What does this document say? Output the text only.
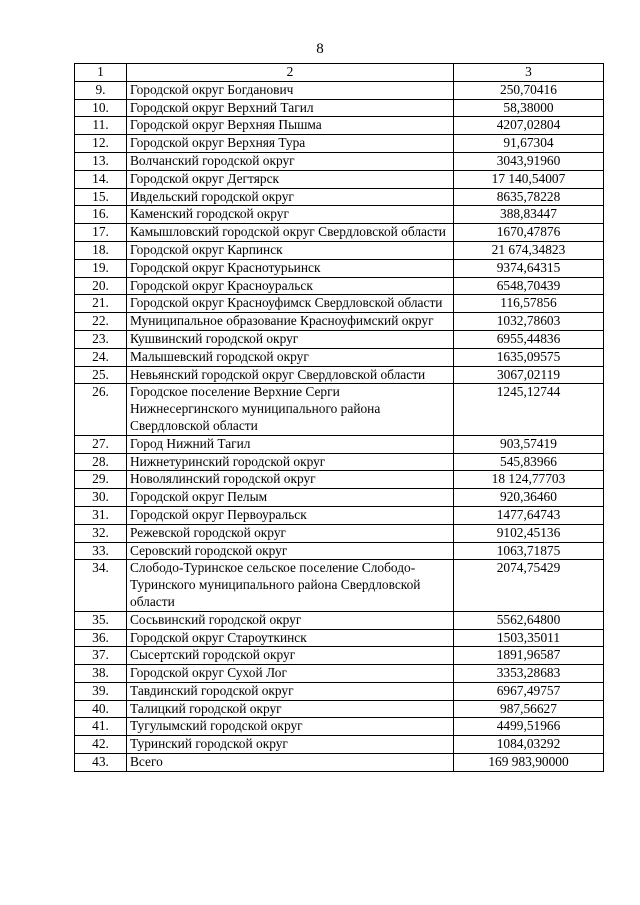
8
1	2	3
9.	Городской округ Богданович	250,70416
10.	Городской округ Верхний Тагил	58,38000
11.	Городской округ Верхняя Пышма	4207,02804
12.	Городской округ Верхняя Тура	91,67304
13.	Волчанский городской округ	3043,91960
14.	Городской округ Дегтярск	17 140,54007
15.	Ивдельский городской округ	8635,78228
16.	Каменский городской округ	388,83447
17.	Камышловский городской округ Свердловской области	1670,47876
18.	Городской округ Карпинск	21 674,34823
19.	Городской округ Краснотурьинск	9374,64315
20.	Городской округ Красноуральск	6548,70439
21.	Городской округ Красноуфимск Свердловской области	116,57856
22.	Муниципальное образование Красноуфимский округ	1032,78603
23.	Кушвинский городской округ	6955,44836
24.	Малышевский городской округ	1635,09575
25.	Невьянский городской округ Свердловской области	3067,02119
26.	Городское поселение Верхние Серги Нижнесергинского муниципального района Свердловской области	1245,12744
27.	Город Нижний Тагил	903,57419
28.	Нижнетуринский городской округ	545,83966
29.	Новолялинский городской округ	18 124,77703
30.	Городской округ Пелым	920,36460
31.	Городской округ Первоуральск	1477,64743
32.	Режевской городской округ	9102,45136
33.	Серовский городской округ	1063,71875
34.	Слободо-Туринское сельское поселение Слободо-Туринского муниципального района Свердловской области	2074,75429
35.	Сосьвинский городской округ	5562,64800
36.	Городской округ Староуткинск	1503,35011
37.	Сысертский городской округ	1891,96587
38.	Городской округ Сухой Лог	3353,28683
39.	Тавдинский городской округ	6967,49757
40.	Талицкий городской округ	987,56627
41.	Тугулымский городской округ	4499,51966
42.	Туринский городской округ	1084,03292
43.	Всего	169 983,90000
